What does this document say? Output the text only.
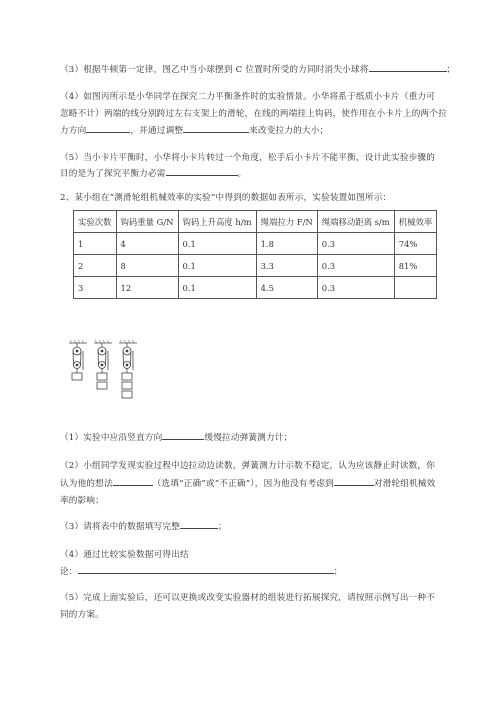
（3）根据牛顿第一定律，图乙中当小球摆到 C 位置时所受的力同时消失小球将	；
（4）如图丙所示是小华同学在探究二力平衡条件时的实验情景。小华将系于纸质小卡片（重力可
忽略不计）两端的线分别跨过左右支架上的滑轮，在线的两端挂上钩码，使作用在小卡片上的两个拉
力方向	，并通过调整	来改变拉力的大小；
（5）当小卡片平衡时，小华将小卡片转过一个角度，松手后小卡片不能平衡，设计此实验步骤的
目的是为了探究平衡力必需	。
2、某小组在“测滑轮组机械效率的实验”中得到的数据如表所示，实验装置如图所示：
实验次数	钩码重量 G/N	钩码上升高度 h/m	绳端拉力 F/N	绳端移动距离 s/m	机械效率
1	4	0.1	1.8	0.3	74%
2	8	0.1	3.3	0.3	81%
3	12	0.1	4.5	0.3	
（1）实验中应沿竖直方向	缓慢拉动弹簧测力计；
（2）小组同学发现实验过程中边拉动边读数，弹簧测力计示数不稳定，认为应该静止时读数，你
认为他的想法	（选填“正确”或“不正确”），因为他没有考虑到	对滑轮组机械效
率的影响；
（3）请将表中的数据填写完整	；
（4）通过比较实验数据可得出结
论：	；
（5）完成上面实验后，还可以更换或改变实验器材的组装进行拓展探究，请按照示例写出一种不
同的方案。
